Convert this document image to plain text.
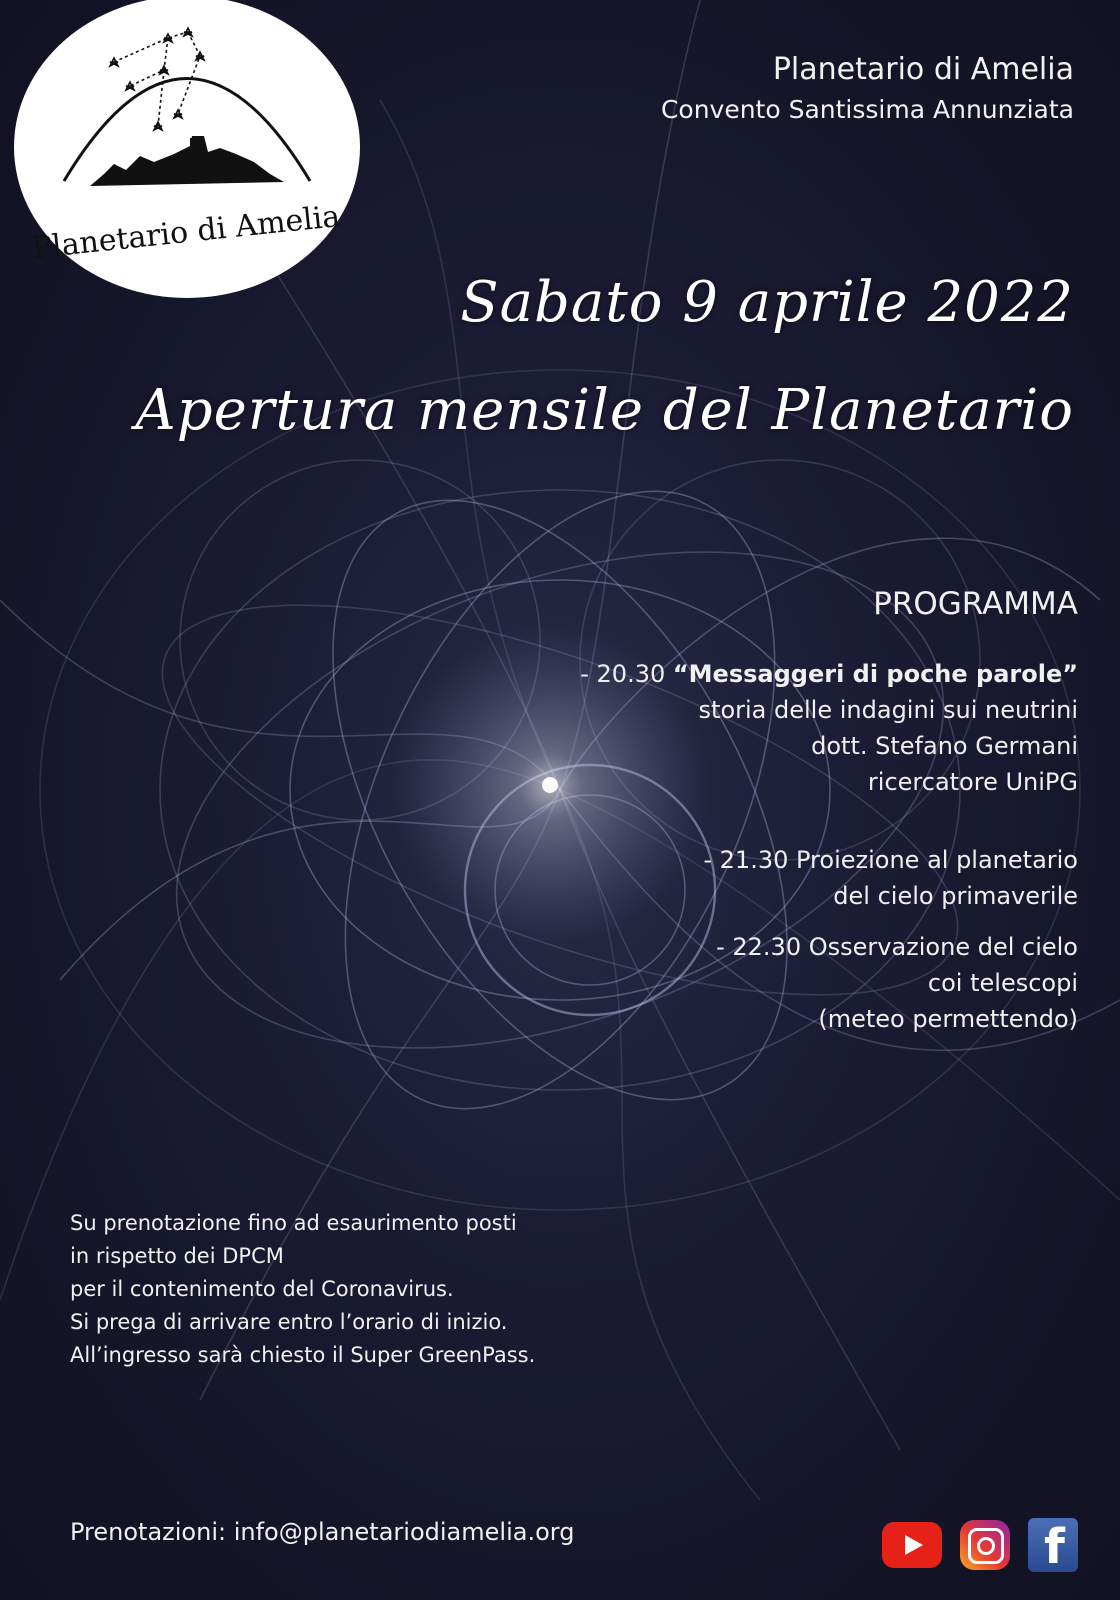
Planetario di Amelia
Planetario di Amelia
Convento Santissima Annunziata
Sabato 9 aprile 2022
Apertura mensile del Planetario
PROGRAMMA
- 20.30 “Messaggeri di poche parole”
storia delle indagini sui neutrini
dott. Stefano Germani
ricercatore UniPG
- 21.30 Proiezione al planetario
del cielo primaverile
- 22.30 Osservazione del cielo
coi telescopi
(meteo permettendo)
Su prenotazione fino ad esaurimento posti
in rispetto dei DPCM
per il contenimento del Coronavirus.
Si prega di arrivare entro l’orario di inizio.
All’ingresso sarà chiesto il Super GreenPass.
Prenotazioni: info@planetariodiamelia.org	f
